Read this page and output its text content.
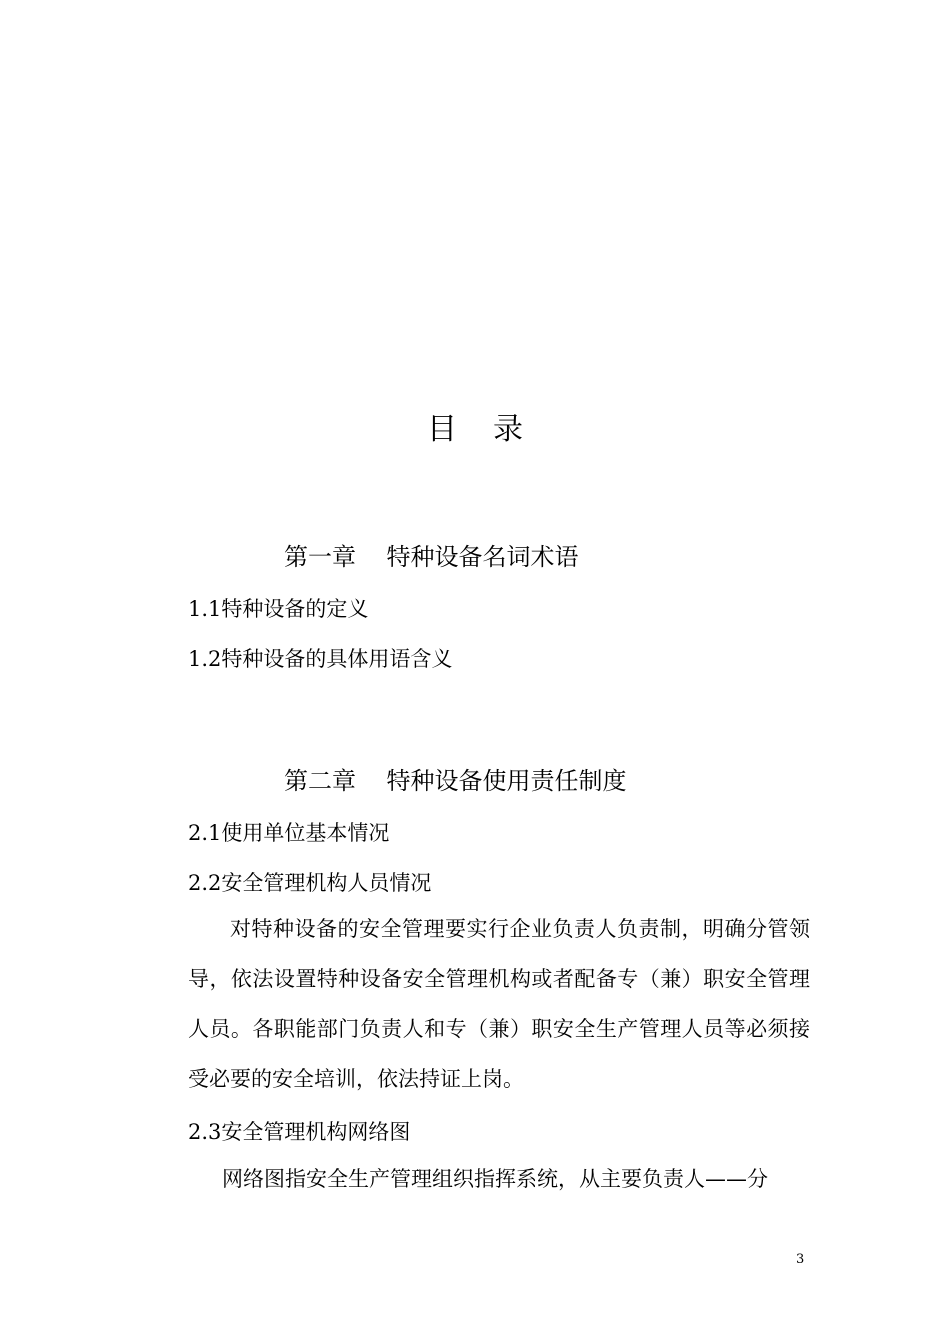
目录
第一章    特种设备名词术语
1.1特种设备的定义
1.2特种设备的具体用语含义
第二章    特种设备使用责任制度
2.1使用单位基本情况
2.2安全管理机构人员情况

对特种设备的安全管理要实行企业负责人负责制，明确分管领导，依法设置特种设备安全管理机构或者配备专（兼）职安全管理人员。各职能部门负责人和专（兼）职安全生产管理人员等必须接受必要的安全培训，依法持证上岗。

2.3安全管理机构网络图

网络图指安全生产管理组织指挥系统，从主要负责人——分

3
